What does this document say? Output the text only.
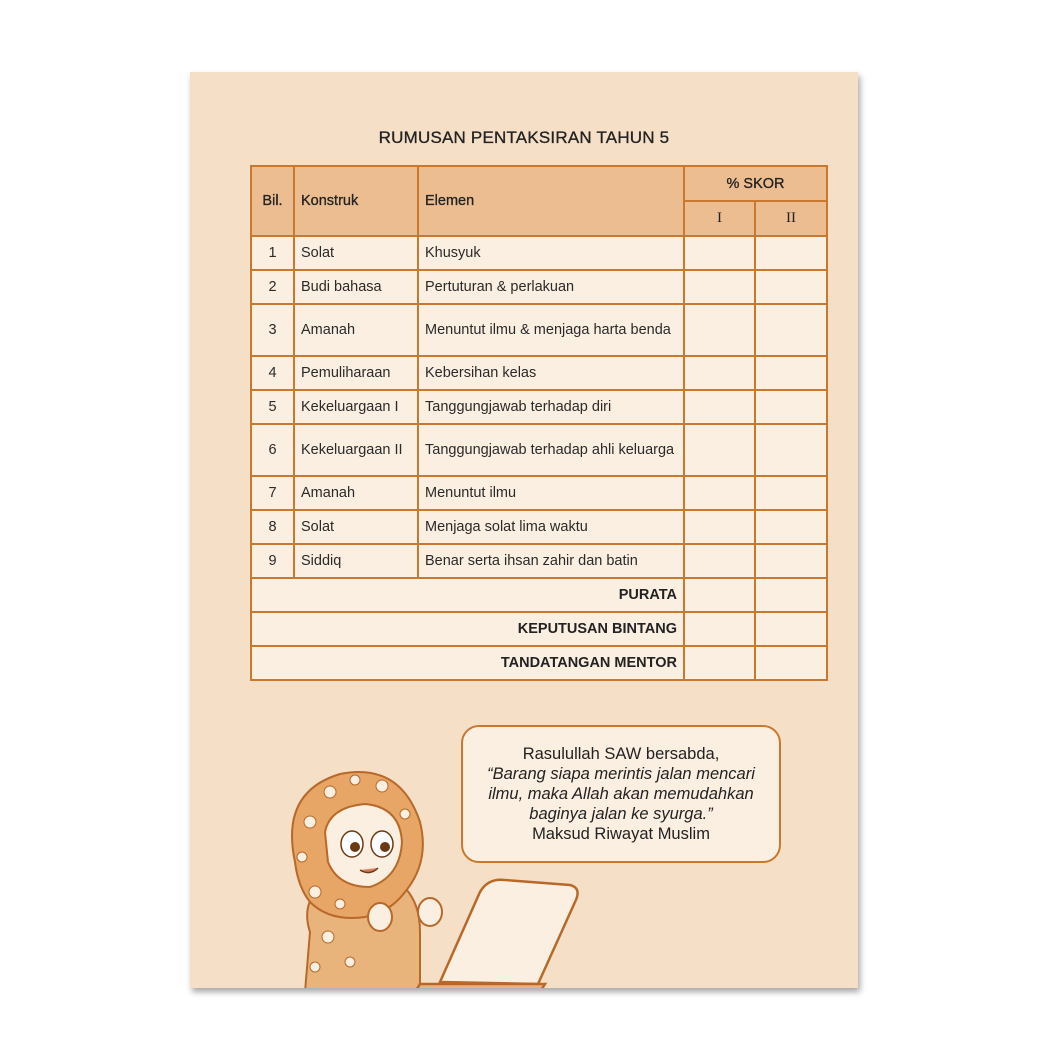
RUMUSAN PENTAKSIRAN TAHUN 5
Bil.	Konstruk	Elemen	% SKOR	
			I	II
1	Solat	Khusyuk		
2	Budi bahasa	Pertuturan & perlakuan		
3	Amanah	Menuntut ilmu & menjaga harta benda		

4	Pemuliharaan	Kebersihan kelas		
5	Kekeluargaan I	Tanggungjawab terhadap diri		
6	Kekeluargaan II	Tanggungjawab terhadap ahli keluarga		

7	Amanah	Menuntut ilmu		
8	Solat	Menjaga solat lima waktu		
9	Siddiq	Benar serta ihsan zahir dan batin		
PURATA				
KEPUTUSAN BINTANG				
TANDATANGAN MENTOR				
Rasulullah SAW bersabda,
“Barang siapa merintis jalan mencari
ilmu, maka Allah akan memudahkan
baginya jalan ke syurga.”
Maksud Riwayat Muslim
